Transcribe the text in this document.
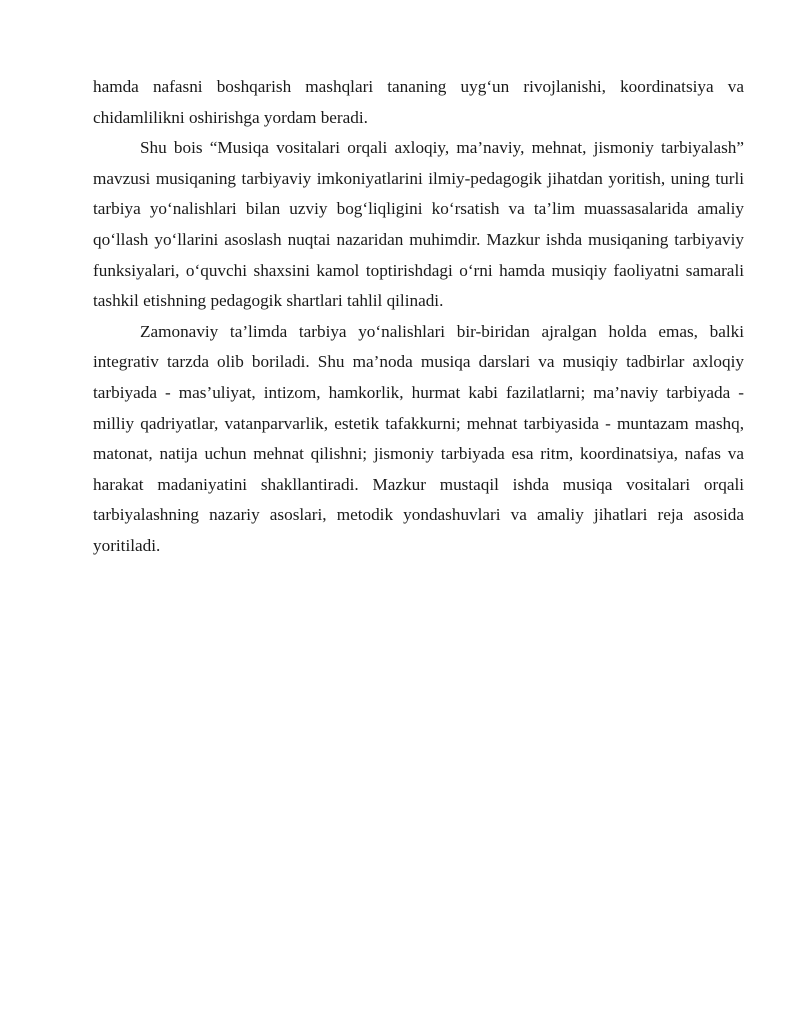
hamda nafasni boshqarish mashqlari tananing uyg‘un rivojlanishi, koordinatsiya va chidamlilikni oshirishga yordam beradi.

Shu bois “Musiqa vositalari orqali axloqiy, ma’naviy, mehnat, jismoniy tarbiyalash” mavzusi musiqaning tarbiyaviy imkoniyatlarini ilmiy-pedagogik jihatdan yoritish, uning turli tarbiya yo‘nalishlari bilan uzviy bog‘liqligini ko‘rsatish va ta’lim muassasalarida amaliy qo‘llash yo‘llarini asoslash nuqtai nazaridan muhimdir. Mazkur ishda musiqaning tarbiyaviy funksiyalari, o‘quvchi shaxsini kamol toptirishdagi o‘rni hamda musiqiy faoliyatni samarali tashkil etishning pedagogik shartlari tahlil qilinadi.

Zamonaviy ta’limda tarbiya yo‘nalishlari bir-biridan ajralgan holda emas, balki integrativ tarzda olib boriladi. Shu ma’noda musiqa darslari va musiqiy tadbirlar axloqiy tarbiyada - mas’uliyat, intizom, hamkorlik, hurmat kabi fazilatlarni; ma’naviy tarbiyada - milliy qadriyatlar, vatanparvarlik, estetik tafakkurni; mehnat tarbiyasida - muntazam mashq, matonat, natija uchun mehnat qilishni; jismoniy tarbiyada esa ritm, koordinatsiya, nafas va harakat madaniyatini shakllantiradi. Mazkur mustaqil ishda musiqa vositalari orqali tarbiyalashning nazariy asoslari, metodik yondashuvlari va amaliy jihatlari reja asosida yoritiladi.
